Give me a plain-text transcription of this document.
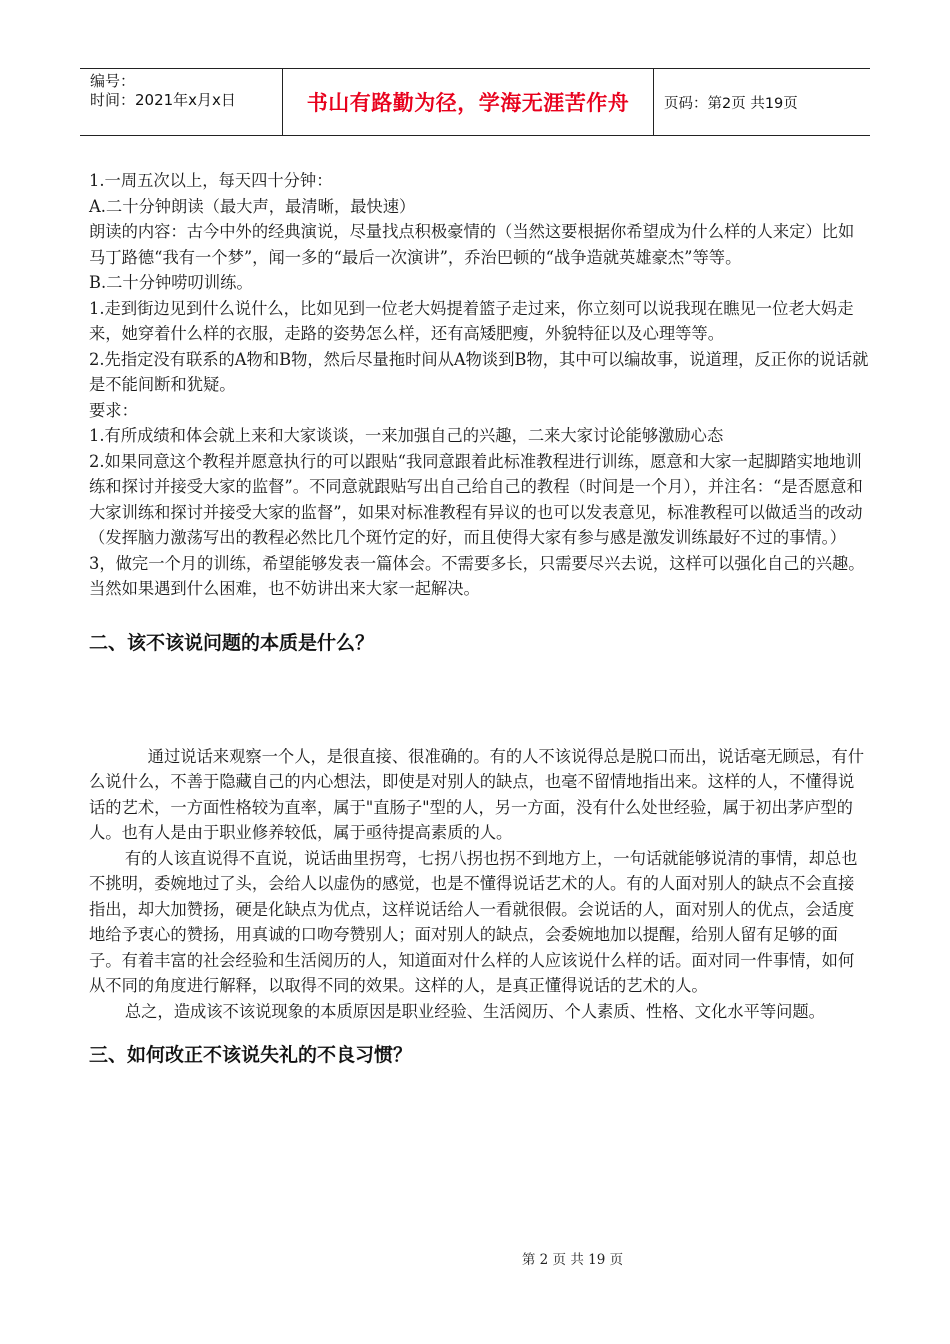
编号：
时间：2021年x月x日	书山有路勤为径，学海无涯苦作舟	页码：第2页 共19页

1.一周五次以上，每天四十分钟：

A.二十分钟朗读（最大声，最清晰，最快速）

朗读的内容：古今中外的经典演说，尽量找点积极豪情的（当然这要根据你希望成为什么样的人来定）比如马丁路德“我有一个梦”，闻一多的“最后一次演讲”，乔治巴顿的“战争造就英雄豪杰”等等。

B.二十分钟唠叨训练。

1.走到街边见到什么说什么，比如见到一位老大妈提着篮子走过来，你立刻可以说我现在瞧见一位老大妈走来，她穿着什么样的衣服，走路的姿势怎么样，还有高矮肥瘦，外貌特征以及心理等等。

2.先指定没有联系的A物和B物，然后尽量拖时间从A物谈到B物，其中可以编故事，说道理，反正你的说话就是不能间断和犹疑。

要求：

1.有所成绩和体会就上来和大家谈谈，一来加强自己的兴趣，二来大家讨论能够激励心态

2.如果同意这个教程并愿意执行的可以跟贴“我同意跟着此标准教程进行训练，愿意和大家一起脚踏实地地训练和探讨并接受大家的监督”。不同意就跟贴写出自己给自己的教程（时间是一个月），并注名：“是否愿意和大家训练和探讨并接受大家的监督”，如果对标准教程有异议的也可以发表意见，标准教程可以做适当的改动（发挥脑力激荡写出的教程必然比几个斑竹定的好，而且使得大家有参与感是激发训练最好不过的事情。）

3，做完一个月的训练，希望能够发表一篇体会。不需要多长，只需要尽兴去说，这样可以强化自己的兴趣。当然如果遇到什么困难，也不妨讲出来大家一起解决。

二、该不该说问题的本质是什么？

通过说话来观察一个人，是很直接、很准确的。有的人不该说得总是脱口而出，说话毫无顾忌，有什么说什么，不善于隐藏自己的内心想法，即使是对别人的缺点，也毫不留情地指出来。这样的人，不懂得说话的艺术，一方面性格较为直率，属于"直肠子"型的人，另一方面，没有什么处世经验，属于初出茅庐型的人。也有人是由于职业修养较低，属于亟待提高素质的人。

有的人该直说得不直说，说话曲里拐弯，七拐八拐也拐不到地方上，一句话就能够说清的事情，却总也不挑明，委婉地过了头，会给人以虚伪的感觉，也是不懂得说话艺术的人。有的人面对别人的缺点不会直接指出，却大加赞扬，硬是化缺点为优点，这样说话给人一看就很假。会说话的人，面对别人的优点，会适度地给予衷心的赞扬，用真诚的口吻夸赞别人；面对别人的缺点，会委婉地加以提醒，给别人留有足够的面子。有着丰富的社会经验和生活阅历的人，知道面对什么样的人应该说什么样的话。面对同一件事情，如何从不同的角度进行解释，以取得不同的效果。这样的人，是真正懂得说话的艺术的人。

总之，造成该不该说现象的本质原因是职业经验、生活阅历、个人素质、性格、文化水平等问题。

三、如何改正不该说失礼的不良习惯？
第 2 页 共 19 页
